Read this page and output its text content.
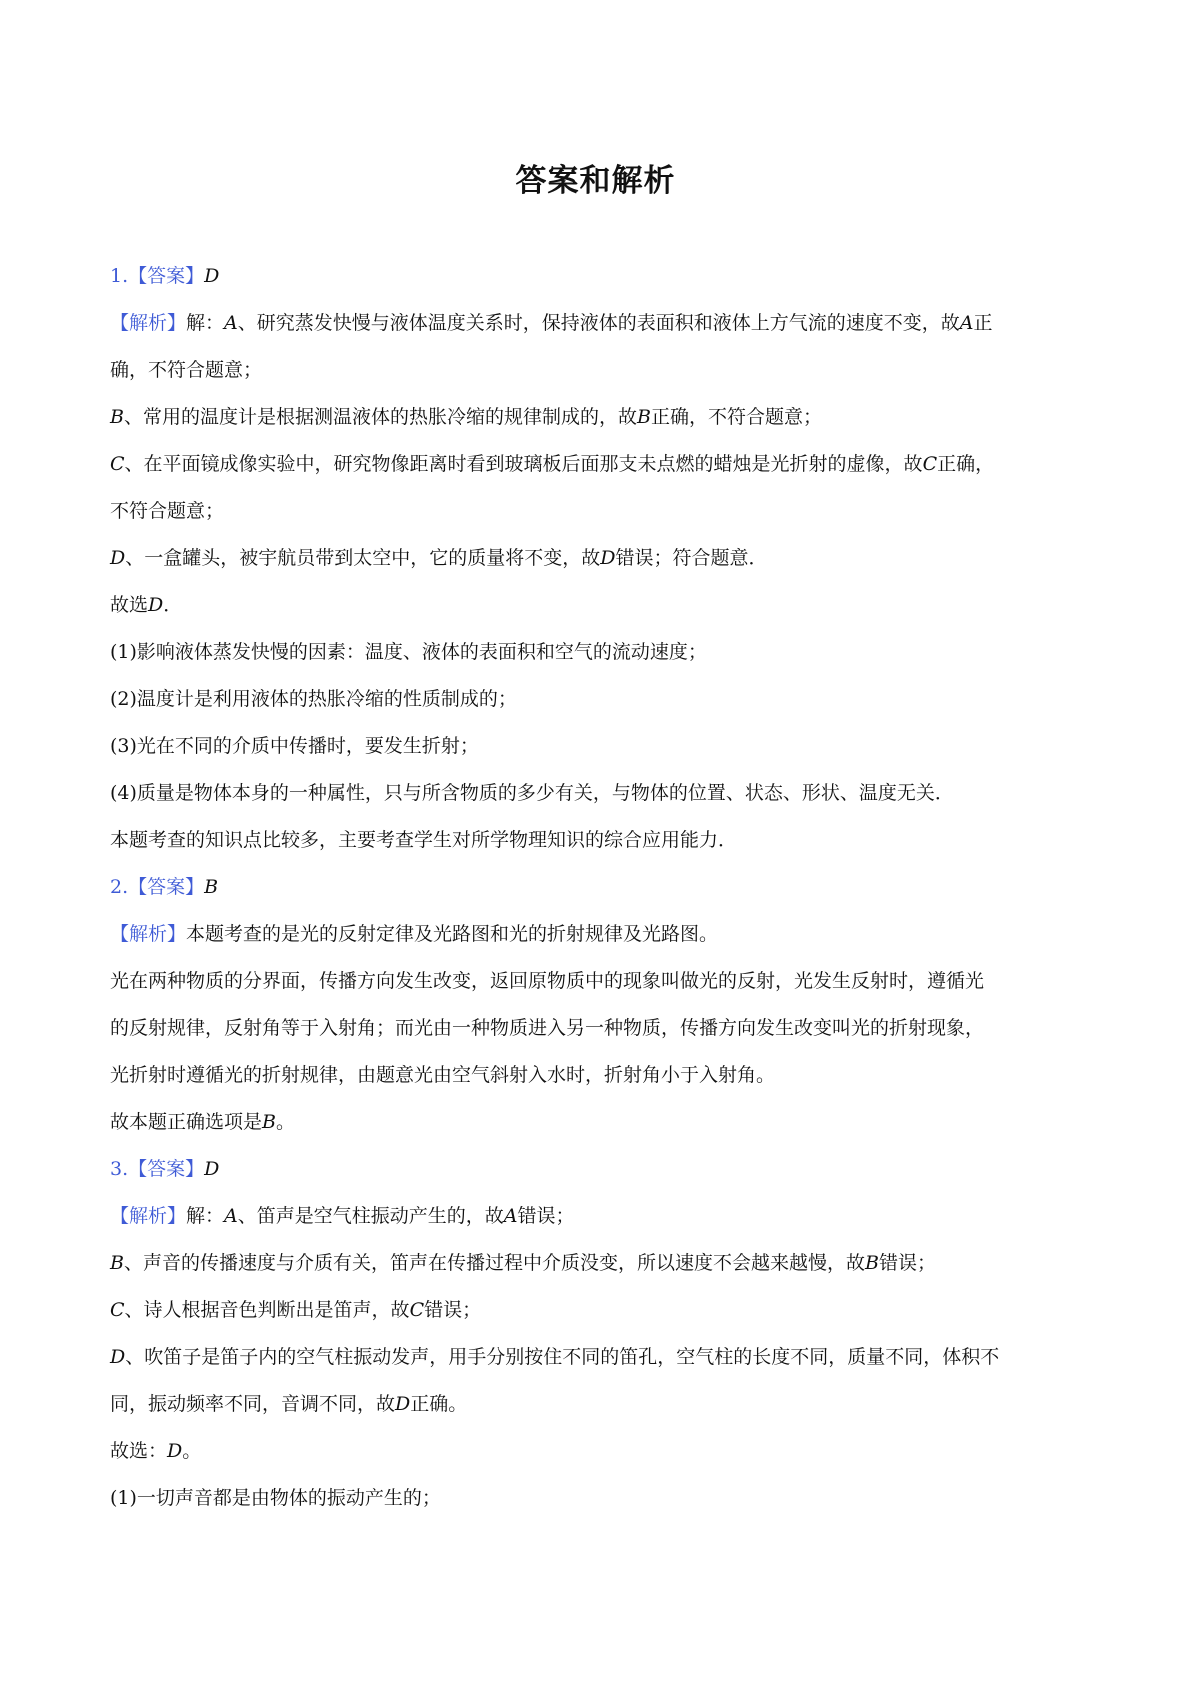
答案和解析
1.【答案】D
【解析】解：A、研究蒸发快慢与液体温度关系时，保持液体的表面积和液体上方气流的速度不变，故A正
确，不符合题意；
B、常用的温度计是根据测温液体的热胀冷缩的规律制成的，故B正确，不符合题意；
C、在平面镜成像实验中，研究物像距离时看到玻璃板后面那支未点燃的蜡烛是光折射的虚像，故C正确，
不符合题意；
D、一盒罐头，被宇航员带到太空中，它的质量将不变，故D错误；符合题意．
故选D．
(1)影响液体蒸发快慢的因素：温度、液体的表面积和空气的流动速度；
(2)温度计是利用液体的热胀冷缩的性质制成的；
(3)光在不同的介质中传播时，要发生折射；
(4)质量是物体本身的一种属性，只与所含物质的多少有关，与物体的位置、状态、形状、温度无关．
本题考查的知识点比较多，主要考查学生对所学物理知识的综合应用能力．
2.【答案】B
【解析】本题考查的是光的反射定律及光路图和光的折射规律及光路图。
光在两种物质的分界面，传播方向发生改变，返回原物质中的现象叫做光的反射，光发生反射时，遵循光
的反射规律，反射角等于入射角；而光由一种物质进入另一种物质，传播方向发生改变叫光的折射现象，
光折射时遵循光的折射规律，由题意光由空气斜射入水时，折射角小于入射角。
故本题正确选项是B。
3.【答案】D
【解析】解：A、笛声是空气柱振动产生的，故A错误；
B、声音的传播速度与介质有关，笛声在传播过程中介质没变，所以速度不会越来越慢，故B错误；
C、诗人根据音色判断出是笛声，故C错误；
D、吹笛子是笛子内的空气柱振动发声，用手分别按住不同的笛孔，空气柱的长度不同，质量不同，体积不
同，振动频率不同，音调不同，故D正确。
故选：D。
(1)一切声音都是由物体的振动产生的；
